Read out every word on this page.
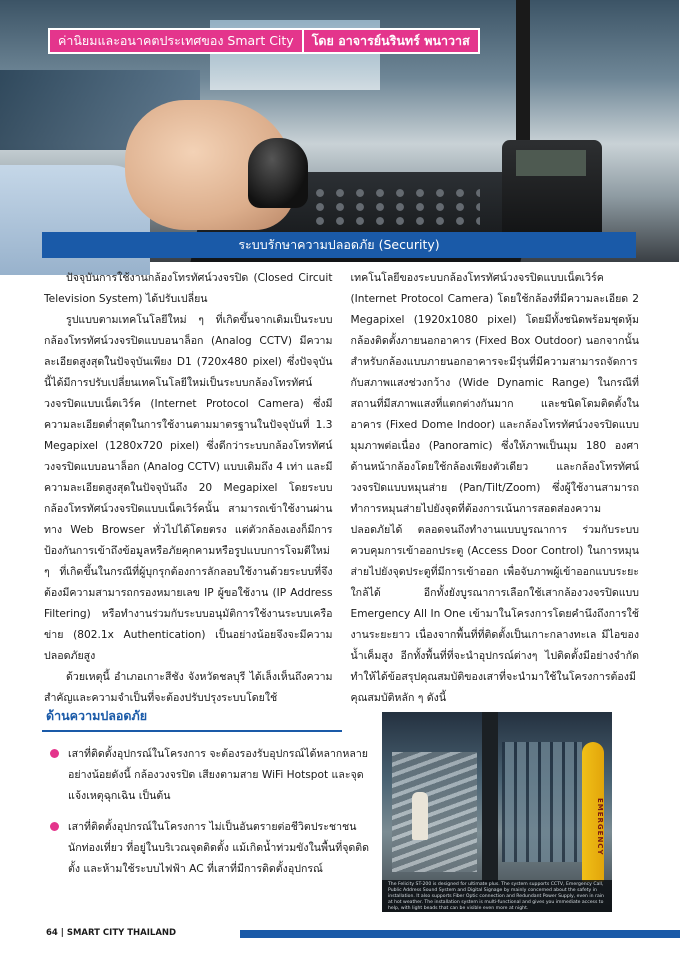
ค่านิยมและอนาคตประเทศของ Smart City	โดย อาจารย์นรินทร์ พนาวาส
ระบบรักษาความปลอดภัย (Security)

ปัจจุบันการใช้งานกล้องโทรทัศน์วงจรปิด (Closed Circuit Television System) ได้ปรับเปลี่ยน

รูปแบบตามเทคโนโลยีใหม่ ๆ ที่เกิดขึ้นจากเดิมเป็นระบบกล้องโทรทัศน์วงจรปิดแบบอนาล็อก (Analog CCTV) มีความละเอียดสูงสุดในปัจจุบันเพียง D1 (720x480 pixel) ซึ่งปัจจุบันนี้ได้มีการปรับเปลี่ยนเทคโนโลยีใหม่เป็นระบบกล้องโทรทัศน์วงจรปิดแบบเน็ตเวิร์ค (Internet Protocol Camera) ซึ่งมีความละเอียดต่ำสุดในการใช้งานตามมาตรฐานในปัจจุบันที่ 1.3 Megapixel (1280x720 pixel) ซึ่งดีกว่าระบบกล้องโทรทัศน์วงจรปิดแบบอนาล็อก (Analog CCTV) แบบเดิมถึง 4 เท่า และมีความละเอียดสูงสุดในปัจจุบันถึง 20 Megapixel โดยระบบกล้องโทรทัศน์วงจรปิดแบบเน็ตเวิร์คนั้น สามารถเข้าใช้งานผ่านทาง Web Browser ทั่วไปได้โดยตรง แต่ตัวกล้องเองก็มีการป้องกันการเข้าถึงข้อมูลหรือภัยคุกคามหรือรูปแบบการโจมตีใหม่ ๆ ที่เกิดขึ้นในกรณีที่ผู้บุกรุกต้องการลักลอบใช้งานด้วยระบบที่จึงต้องมีความสามารถกรองหมายเลข IP ผู้ขอใช้งาน (IP Address Filtering) หรือทำงานร่วมกับระบบอนุมัติการใช้งานระบบเครือข่าย (802.1x Authentication) เป็นอย่างน้อยจึงจะมีความปลอดภัยสูง

ด้วยเหตุนี้ อำเภอเกาะสีชัง จังหวัดชลบุรี ได้เล็งเห็นถึงความสำคัญและความจำเป็นที่จะต้องปรับปรุงระบบโดยใช้

เทคโนโลยีของระบบกล้องโทรทัศน์วงจรปิดแบบเน็ตเวิร์ค (Internet Protocol Camera) โดยใช้กล้องที่มีความละเอียด 2 Megapixel (1920x1080 pixel) โดยมีทั้งชนิดพร้อมชุดหุ้มกล้องติดตั้งภายนอกอาคาร (Fixed Box Outdoor) นอกจากนั้นสำหรับกล้องแบบภายนอกอาคารจะมีรุ่นที่มีความสามารถจัดการกับสภาพแสงช่วงกว้าง (Wide Dynamic Range) ในกรณีที่สถานที่มีสภาพแสงที่แตกต่างกันมาก และชนิดโดมติดตั้งในอาคาร (Fixed Dome Indoor) และกล้องโทรทัศน์วงจรปิดแบบมุมภาพต่อเนื่อง (Panoramic) ซึ่งให้ภาพเป็นมุม 180 องศา ด้านหน้ากล้องโดยใช้กล้องเพียงตัวเดียว และกล้องโทรทัศน์วงจรปิดแบบหมุนส่าย (Pan/Tilt/Zoom) ซึ่งผู้ใช้งานสามารถทำการหมุนส่ายไปยังจุดที่ต้องการเน้นการสอดส่องความปลอดภัยได้ ตลอดจนถึงทำงานแบบบูรณาการ ร่วมกับระบบควบคุมการเข้าออกประตู (Access Door Control) ในการหมุนส่ายไปยังจุดประตูที่มีการเข้าออก เพื่อจับภาพผู้เข้าออกแบบระยะใกล้ได้ อีกทั้งยังบูรณาการเลือกใช้เสากล้องวงจรปิดแบบ Emergency All In One เข้ามาในโครงการโดยคำนึงถึงการใช้งานระยะยาว เนื่องจากพื้นที่ที่ติดตั้งเป็นเกาะกลางทะเล มีไอของ น้ำเค็มสูง อีกทั้งพื้นที่ที่จะนำอุปกรณ์ต่างๆ ไปติดตั้งมีอย่างจำกัด ทำให้ได้ข้อสรุปคุณสมบัติของเสาที่จะนำมาใช้ในโครงการต้องมีคุณสมบัติหลัก ๆ ดังนี้

ด้านความปลอดภัย
เสาที่ติดตั้งอุปกรณ์ในโครงการ จะต้องรองรับอุปกรณ์ได้หลากหลาย อย่างน้อยดังนี้ กล้องวงจรปิด เสียงตามสาย WiFi Hotspot และจุดแจ้งเหตุฉุกเฉิน เป็นต้น
เสาที่ติดตั้งอุปกรณ์ในโครงการ ไม่เป็นอันตรายต่อชีวิตประชาชน นักท่องเที่ยว ที่อยู่ในบริเวณจุดติดตั้ง แม้เกิดน้ำท่วมขังในพื้นที่จุดติดตั้ง และห้ามใช้ระบบไฟฟ้า AC ที่เสาที่มีการติดตั้งอุปกรณ์
EMERGENCY
The Felicity ST-200 is designed for ultimate plus. The system supports CCTV, Emergency Call, Public Address Sound System and Digital Signage by mainly concerned about the safety in installation. It also supports Fiber Optic connection and Redundant Power Supply, even in rain at hot weather. The installation system is multi-functional and gives you immediate access to help, with light beads that can be visible even more at night.
64 | SMART CITY THAILAND
